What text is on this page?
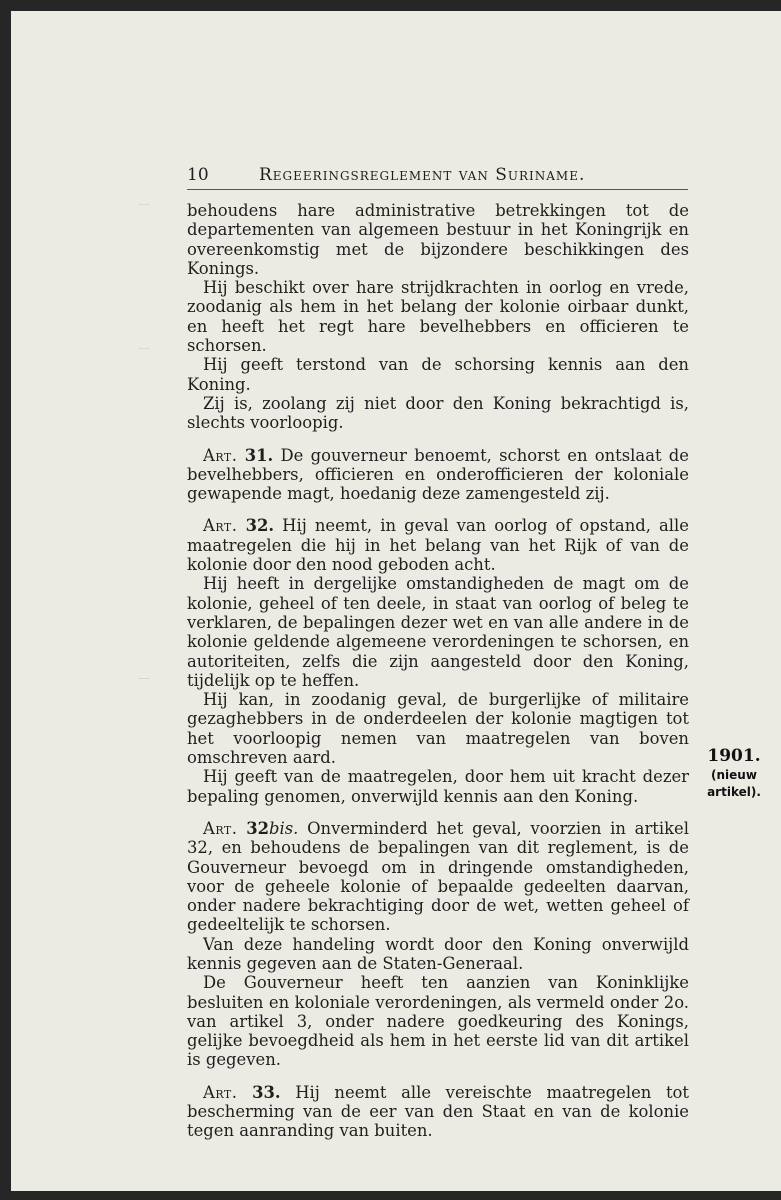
—
—
—
10	Regeeringsreglement van Suriname.

behoudens hare administrative betrekkingen tot de departementen van algemeen bestuur in het Koningrijk en overeenkomstig met de bijzondere beschikkingen des Konings.

Hij beschikt over hare strijdkrachten in oorlog en vrede, zoodanig als hem in het belang der kolonie oirbaar dunkt, en heeft het regt hare bevelhebbers en officieren te schorsen.

Hij geeft terstond van de schorsing kennis aan den Koning.

Zij is, zoolang zij niet door den Koning bekrachtigd is, slechts voorloopig.

Art. 31. De gouverneur benoemt, schorst en ontslaat de bevelhebbers, officieren en onderofficieren der koloniale gewapende magt, hoedanig deze zamengesteld zij.

Art. 32. Hij neemt, in geval van oorlog of opstand, alle maatregelen die hij in het belang van het Rijk of van de kolonie door den nood geboden acht.

Hij heeft in dergelijke omstandigheden de magt om de kolonie, geheel of ten deele, in staat van oorlog of beleg te verklaren, de bepalingen dezer wet en van alle andere in de kolonie geldende algemeene verordeningen te schorsen, en autoriteiten, zelfs die zijn aangesteld door den Koning, tijdelijk op te heffen.

Hij kan, in zoodanig geval, de burgerlijke of militaire gezaghebbers in de onderdeelen der kolonie magtigen tot het voorloopig nemen van maatregelen van boven omschreven aard.

Hij geeft van de maatregelen, door hem uit kracht dezer bepaling genomen, onverwijld kennis aan den Koning.

Art. 32bis. Onverminderd het geval, voorzien in artikel 32, en behoudens de bepalingen van dit reglement, is de Gouverneur bevoegd om in dringende omstandigheden, voor de geheele kolonie of bepaalde gedeelten daarvan, onder nadere bekrachtiging door de wet, wetten geheel of gedeeltelijk te schorsen.

Van deze handeling wordt door den Koning onverwijld kennis gegeven aan de Staten-Generaal.

De Gouverneur heeft ten aanzien van Koninklijke besluiten en koloniale verordeningen, als vermeld onder 2o. van artikel 3, onder nadere goedkeuring des Konings, gelijke bevoegdheid als hem in het eerste lid van dit artikel is gegeven.

Art. 33. Hij neemt alle vereischte maatregelen tot bescherming van de eer van den Staat en van de kolonie tegen aanranding van buiten.

1901.
(nieuw
artikel).
